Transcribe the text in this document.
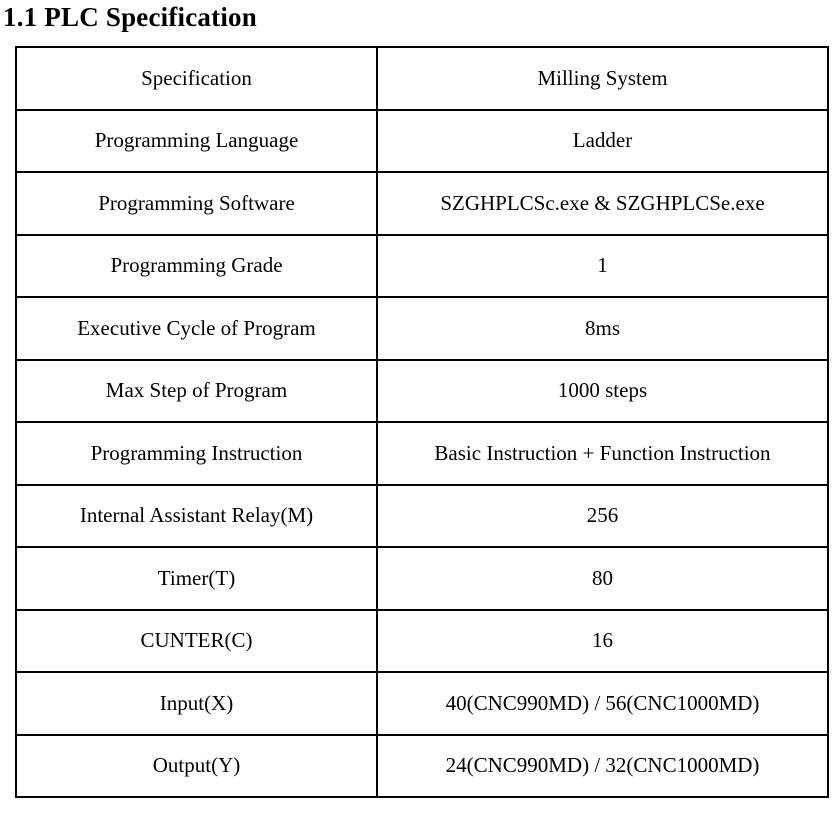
1.1 PLC Specification
Specification	Milling System
Programming Language	Ladder
Programming Software	SZGHPLCSc.exe & SZGHPLCSe.exe
Programming Grade	1
Executive Cycle of Program	8ms
Max Step of Program	1000 steps
Programming Instruction	Basic Instruction + Function Instruction
Internal Assistant Relay(M)	256
Timer(T)	80
CUNTER(C)	16
Input(X)	40(CNC990MD) / 56(CNC1000MD)
Output(Y)	24(CNC990MD) / 32(CNC1000MD)
